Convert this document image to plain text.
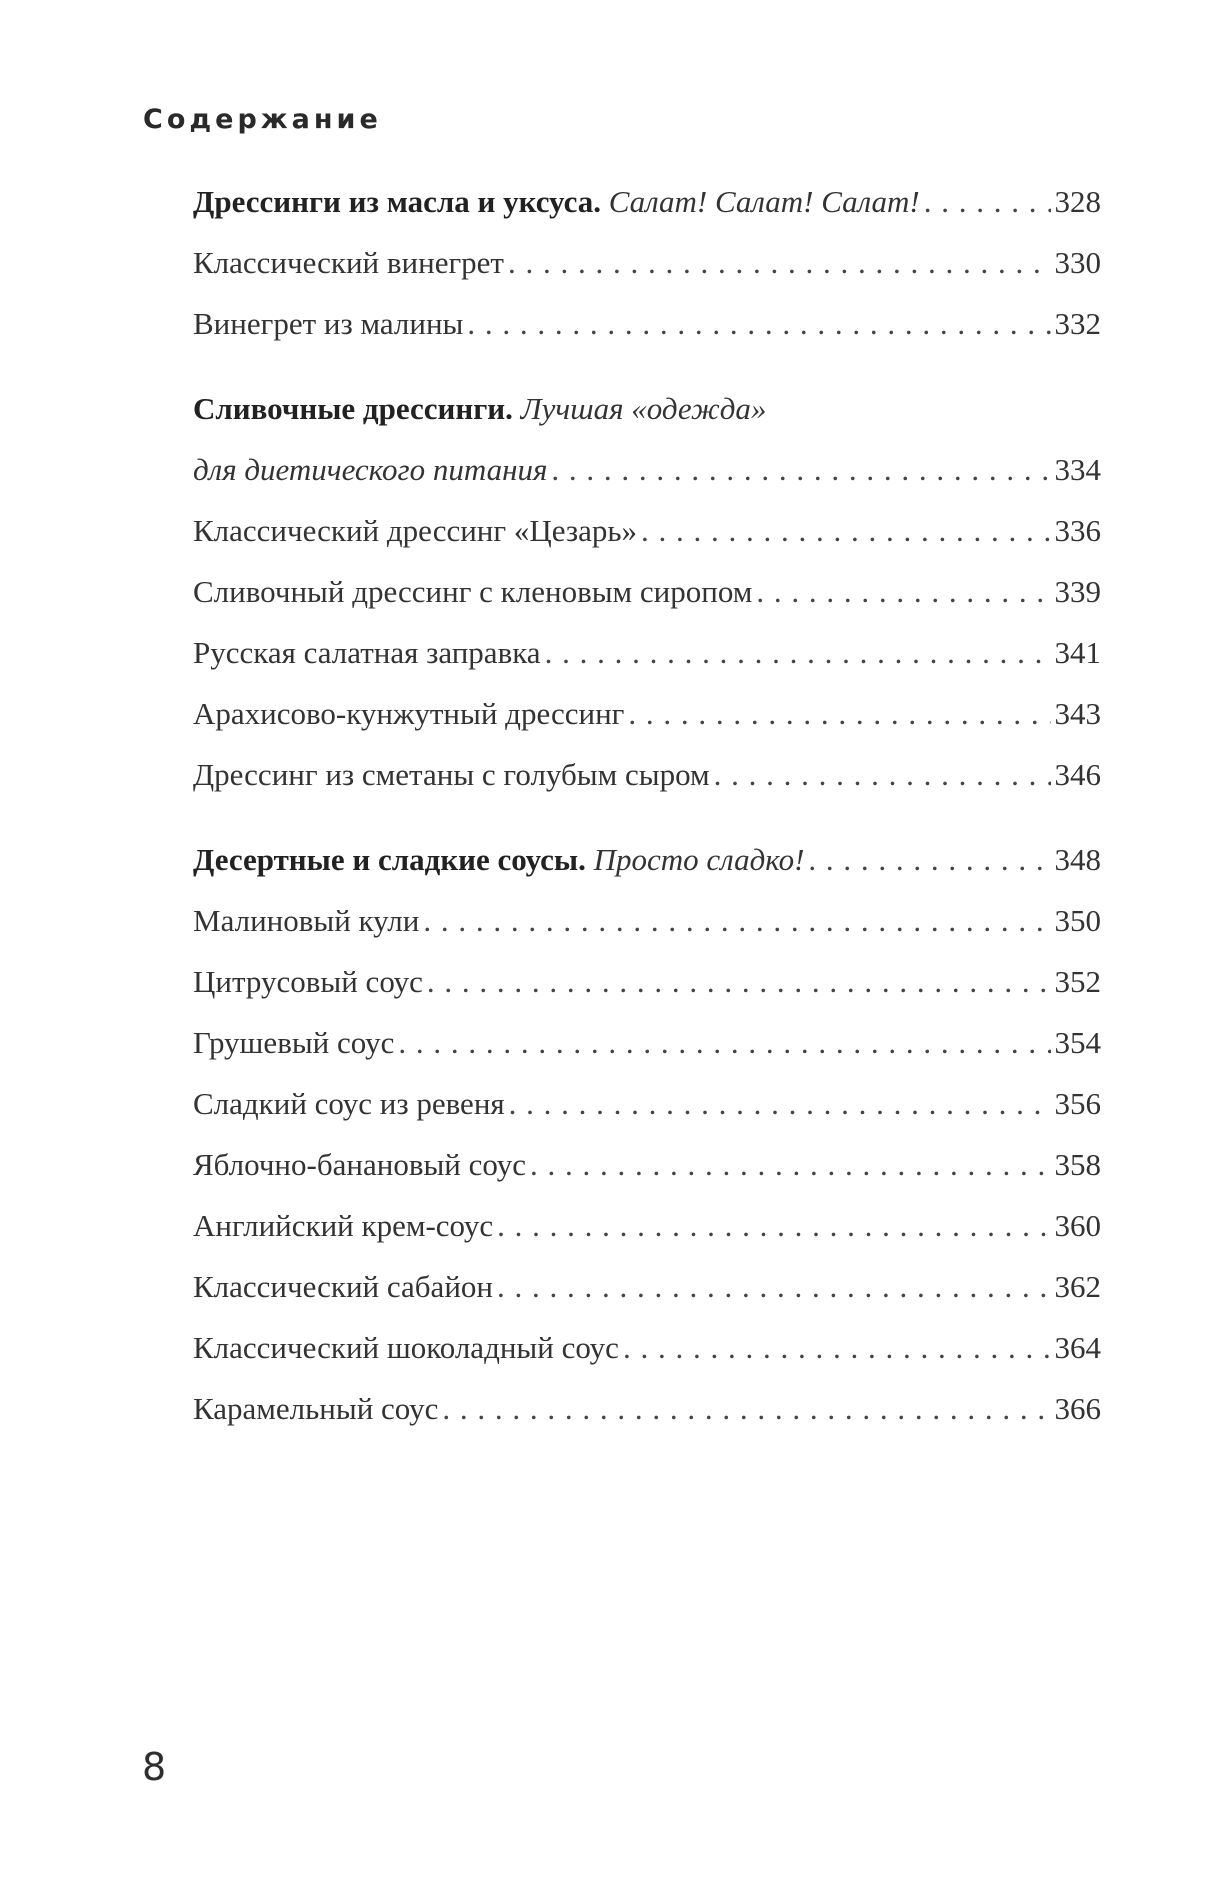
Содержание
Дрессинги из масла и уксуса. Салат! Салат! Салат! . . .	328
Классический винегрет . . .	330
Винегрет из малины . . .	332
Сливочные дрессинги. Лучшая «одежда»
для диетического питания . . .	334
Классический дрессинг «Цезарь» . . .	336
Сливочный дрессинг с кленовым сиропом . . .	339
Русская салатная заправка . . .	341
Арахисово-кунжутный дрессинг . . .	343
Дрессинг из сметаны с голубым сыром . . .	346
Десертные и сладкие соусы. Просто сладко! . . .	348
Малиновый кули . . .	350
Цитрусовый соус . . .	352
Грушевый соус . . .	354
Сладкий соус из ревеня . . .	356
Яблочно-банановый соус . . .	358
Английский крем-соус . . .	360
Классический сабайон . . .	362
Классический шоколадный соус . . .	364
Карамельный соус . . .	366
8
